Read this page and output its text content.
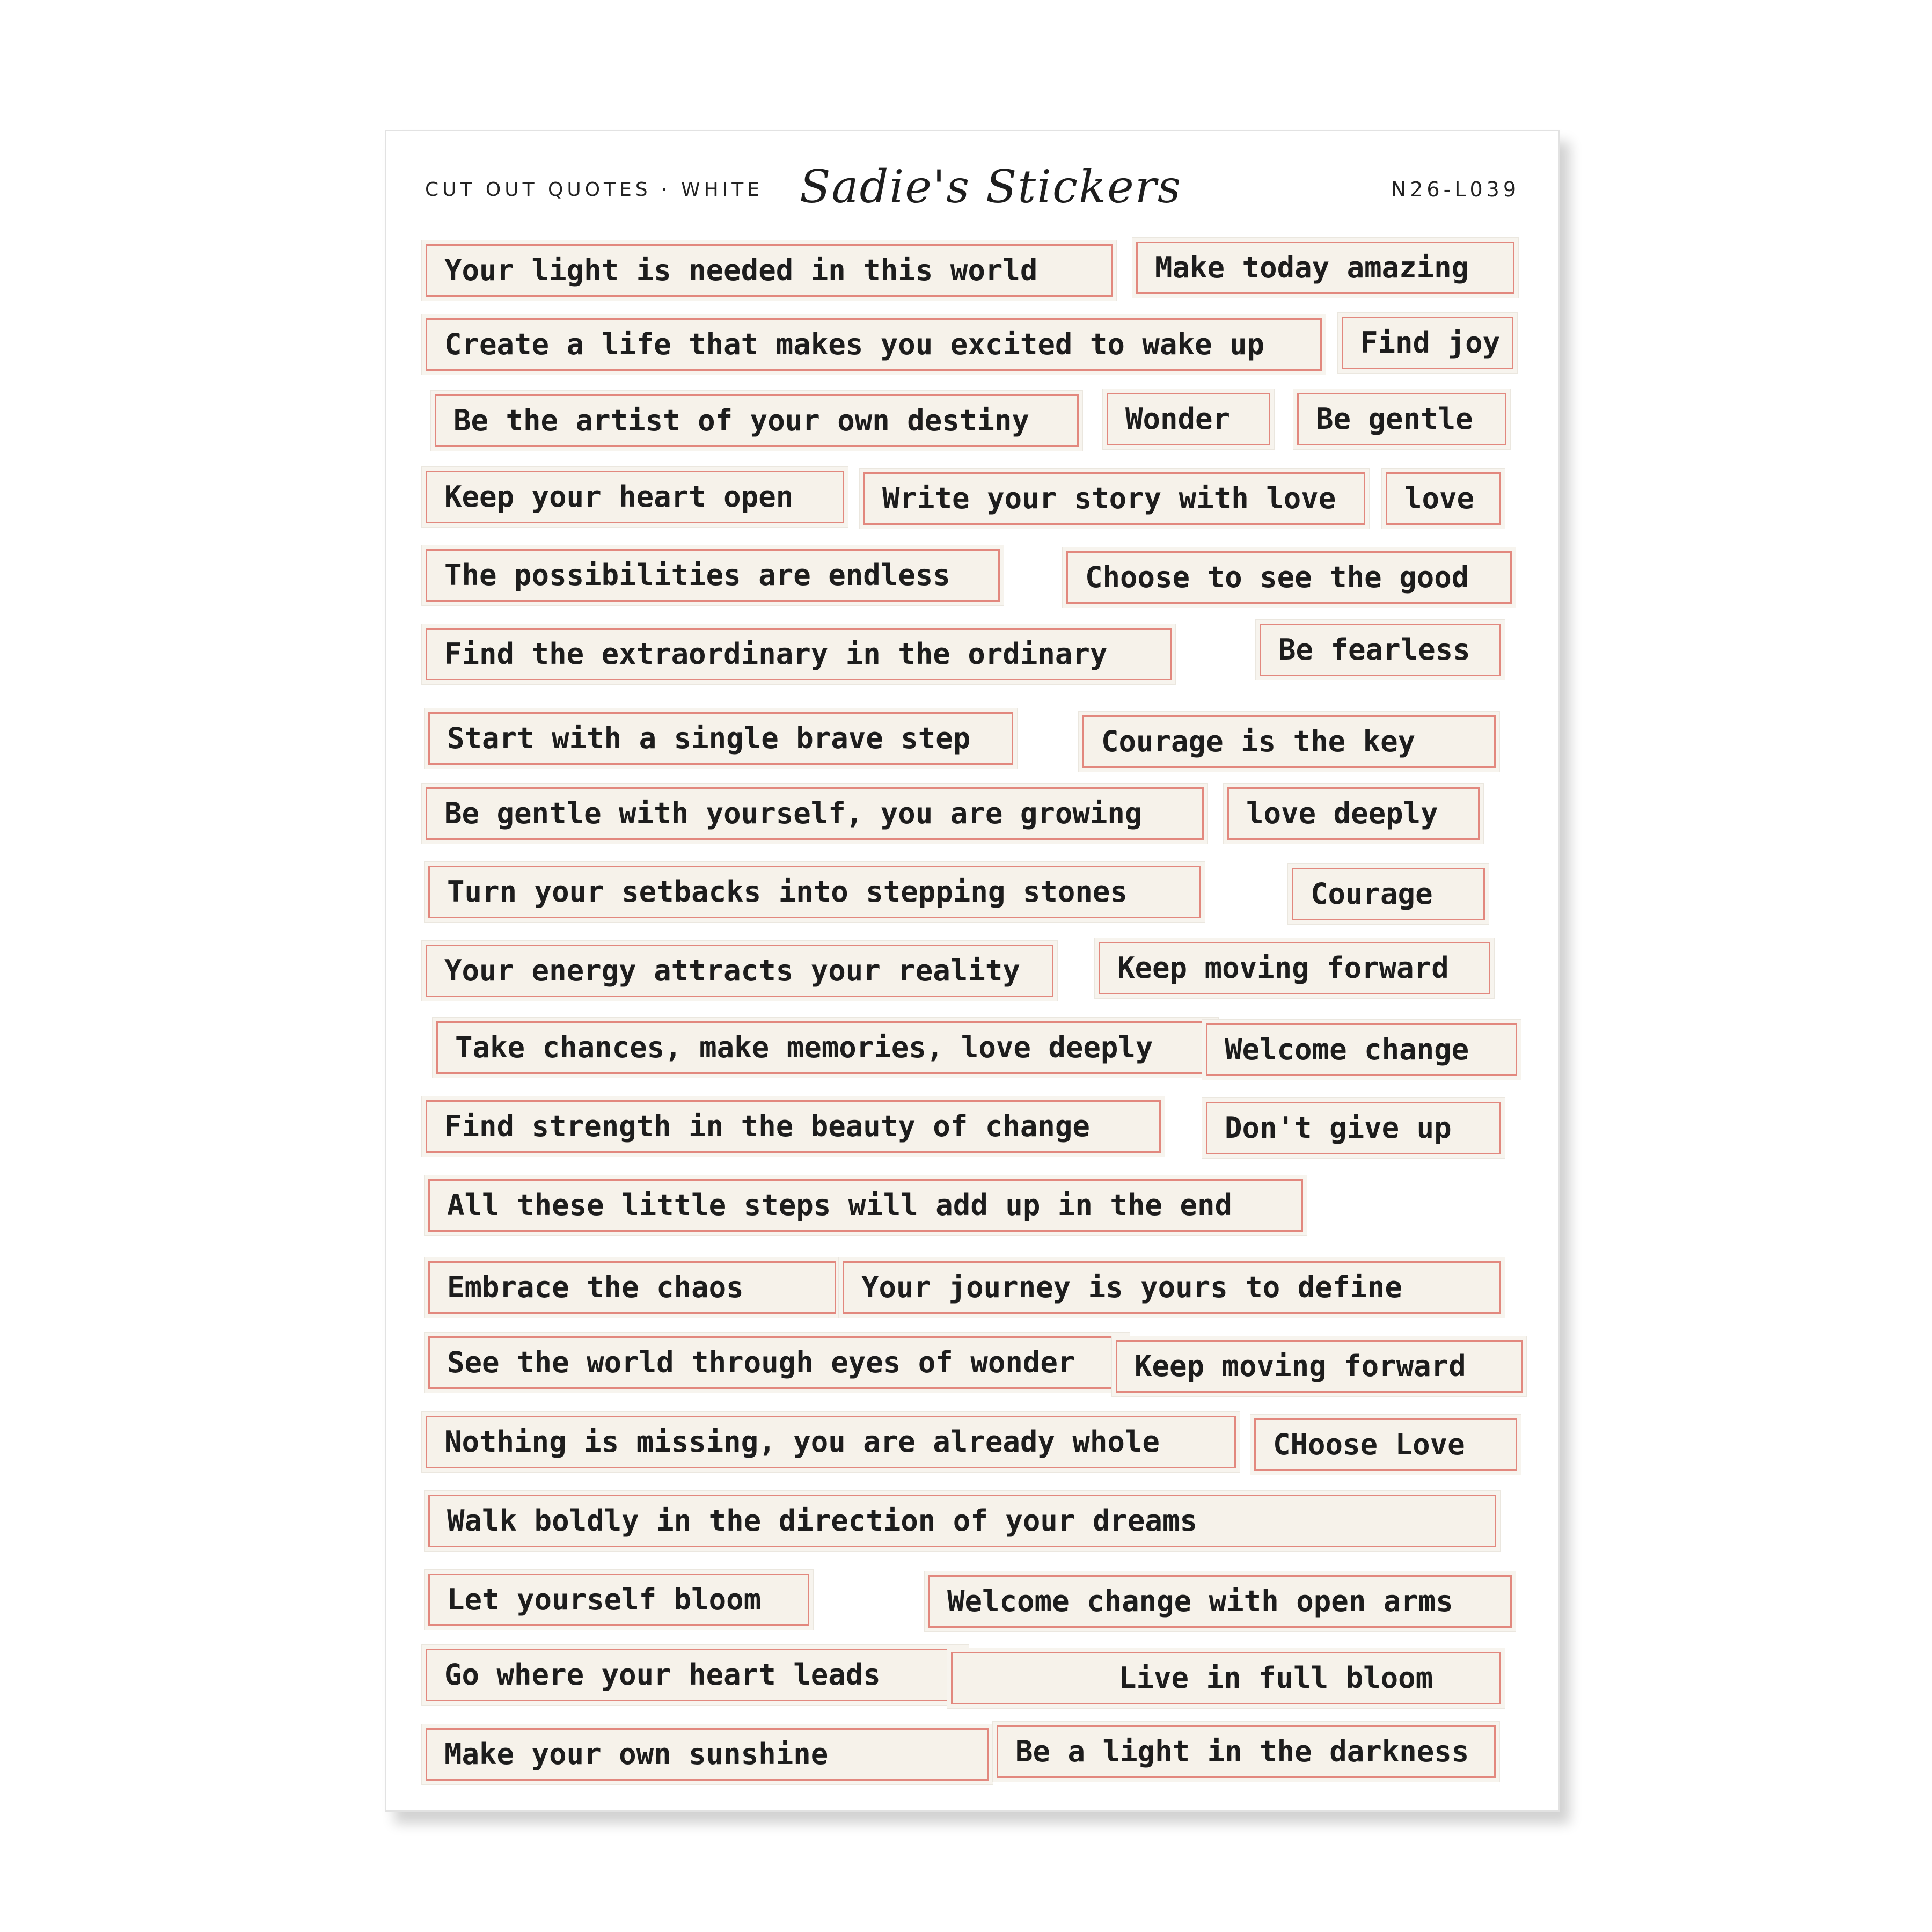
CUT OUT QUOTES · WHITE Sadie's Stickers	N26-L039
Your light is needed in this world	Make today amazing
Create a life that makes you excited to wake up	Find joy
Be the artist of your own destiny	Wonder	Be gentle
Keep your heart open	Write your story with love	love
The possibilities are endless	Choose to see the good
Find the extraordinary in the ordinary	Be fearless
Start with a single brave step	Courage is the key
Be gentle with yourself, you are growing	love deeply
Turn your setbacks into stepping stones	Courage
Your energy attracts your reality	Keep moving forward
Take chances, make memories, love deeply	Welcome change
Find strength in the beauty of change	Don't give up
All these little steps will add up in the end
Embrace the chaos	Your journey is yours to define
See the world through eyes of wonder	Keep moving forward
Nothing is missing, you are already whole	CHoose Love
Walk boldly in the direction of your dreams
Let yourself bloom	Welcome change with open arms
Go where your heart leads	Live in full bloom
Make your own sunshine	Be a light in the darkness
